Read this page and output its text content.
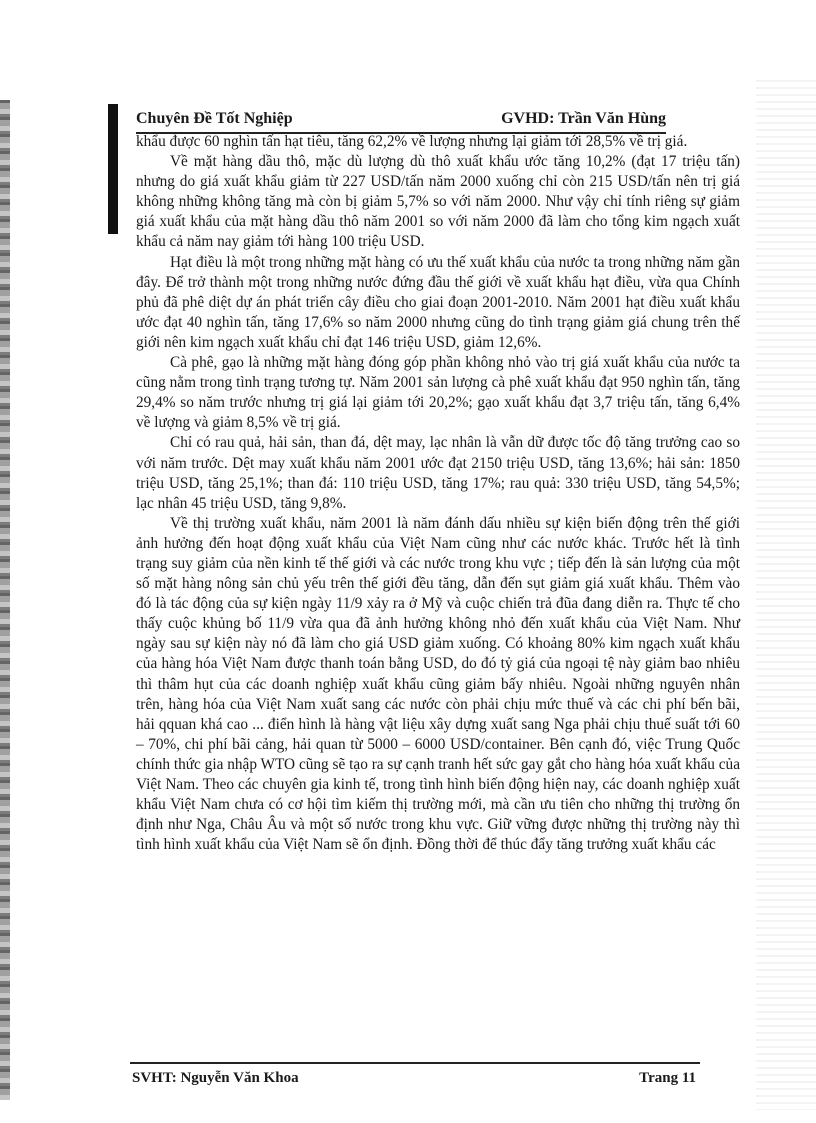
Chuyên Đề Tốt Nghiệp	GVHD: Trần Văn Hùng

khẩu được 60 nghìn tấn hạt tiêu, tăng 62,2% về lượng nhưng lại giảm tới 28,5% về trị giá.

Về mặt hàng dầu thô, mặc dù lượng dù thô xuất khẩu ước tăng 10,2% (đạt 17 triệu tấn) nhưng do giá xuất khẩu giảm từ 227 USD/tấn năm 2000 xuống chỉ còn 215 USD/tấn nên trị giá không những không tăng mà còn bị giảm 5,7% so với năm 2000. Như vậy chỉ tính riêng sự giảm giá xuất khẩu của mặt hàng dầu thô năm 2001 so với năm 2000 đã làm cho tổng kim ngạch xuất khẩu cả năm nay giảm tới hàng 100 triệu USD.

Hạt điều là một trong những mặt hàng có ưu thế xuất khẩu của nước ta trong những năm gần đây. Để trở thành một trong những nước đứng đầu thế giới về xuất khẩu hạt điều, vừa qua Chính phủ đã phê diệt dự án phát triển cây điều cho giai đoạn 2001-2010. Năm 2001 hạt điều xuất khẩu ước đạt 40 nghìn tấn, tăng 17,6% so năm 2000 nhưng cũng do tình trạng giảm giá chung trên thế giới nên kim ngạch xuất khẩu chỉ đạt 146 triệu USD, giảm 12,6%.

Cà phê, gạo là những mặt hàng đóng góp phần không nhỏ vào trị giá xuất khẩu của nước ta cũng nằm trong tình trạng tương tự. Năm 2001 sản lượng cà phê xuất khẩu đạt 950 nghìn tấn, tăng 29,4% so năm trước nhưng trị giá lại giảm tới 20,2%; gạo xuất khẩu đạt 3,7 triệu tấn, tăng 6,4% về lượng và giảm 8,5% về trị giá.

Chỉ có rau quả, hải sản, than đá, dệt may, lạc nhân là vẫn dữ được tốc độ tăng trưởng cao so với năm trước. Dệt may xuất khẩu năm 2001 ước đạt 2150 triệu USD, tăng 13,6%; hải sản: 1850 triệu USD, tăng 25,1%; than đá: 110 triệu USD, tăng 17%; rau quả: 330 triệu USD, tăng 54,5%; lạc nhân 45 triệu USD, tăng 9,8%.

Về thị trường xuất khẩu, năm 2001 là năm đánh dấu nhiều sự kiện biến động trên thế giới ảnh hưởng đến hoạt động xuất khẩu của Việt Nam cũng như các nước khác. Trước hết là tình trạng suy giảm của nền kinh tế thế giới và các nước trong khu vực ; tiếp đến là sản lượng của một số mặt hàng nông sản chủ yếu trên thế giới đều tăng, dẫn đến sụt giảm giá xuất khẩu. Thêm vào đó là tác động của sự kiện ngày 11/9 xảy ra ở Mỹ và cuộc chiến trả đũa đang diễn ra. Thực tế cho thấy cuộc khủng bố 11/9 vừa qua đã ảnh hưởng không nhỏ đến xuất khẩu của Việt Nam. Như ngày sau sự kiện này nó đã làm cho giá USD giảm xuống. Có khoảng 80% kim ngạch xuất khẩu của hàng hóa Việt Nam được thanh toán bằng USD, do đó tỷ giá của ngoại tệ này giảm bao nhiêu thì thâm hụt của các doanh nghiệp xuất khẩu cũng giảm bấy nhiêu. Ngoài những nguyên nhân trên, hàng hóa của Việt Nam xuất sang các nước còn phải chịu mức thuế và các chi phí bến bãi, hải qquan khá cao ... điển hình là hàng vật liệu xây dựng xuất sang Nga phải chịu thuế suất tới 60 – 70%, chi phí bãi cảng, hải quan từ 5000 – 6000 USD/container. Bên cạnh đó, việc Trung Quốc chính thức gia nhập WTO cũng sẽ tạo ra sự cạnh tranh hết sức gay gắt cho hàng hóa xuất khẩu của Việt Nam. Theo các chuyên gia kinh tế, trong tình hình biến động hiện nay, các doanh nghiệp xuất khẩu Việt Nam chưa có cơ hội tìm kiếm thị trường mới, mà cần ưu tiên cho những thị trường ổn định như Nga, Châu Âu và một số nước trong khu vực. Giữ vững được những thị trường này thì tình hình xuất khẩu của Việt Nam sẽ ổn định. Đồng thời để thúc đẩy tăng trưởng xuất khẩu các

SVHT: Nguyễn Văn Khoa	Trang 11
